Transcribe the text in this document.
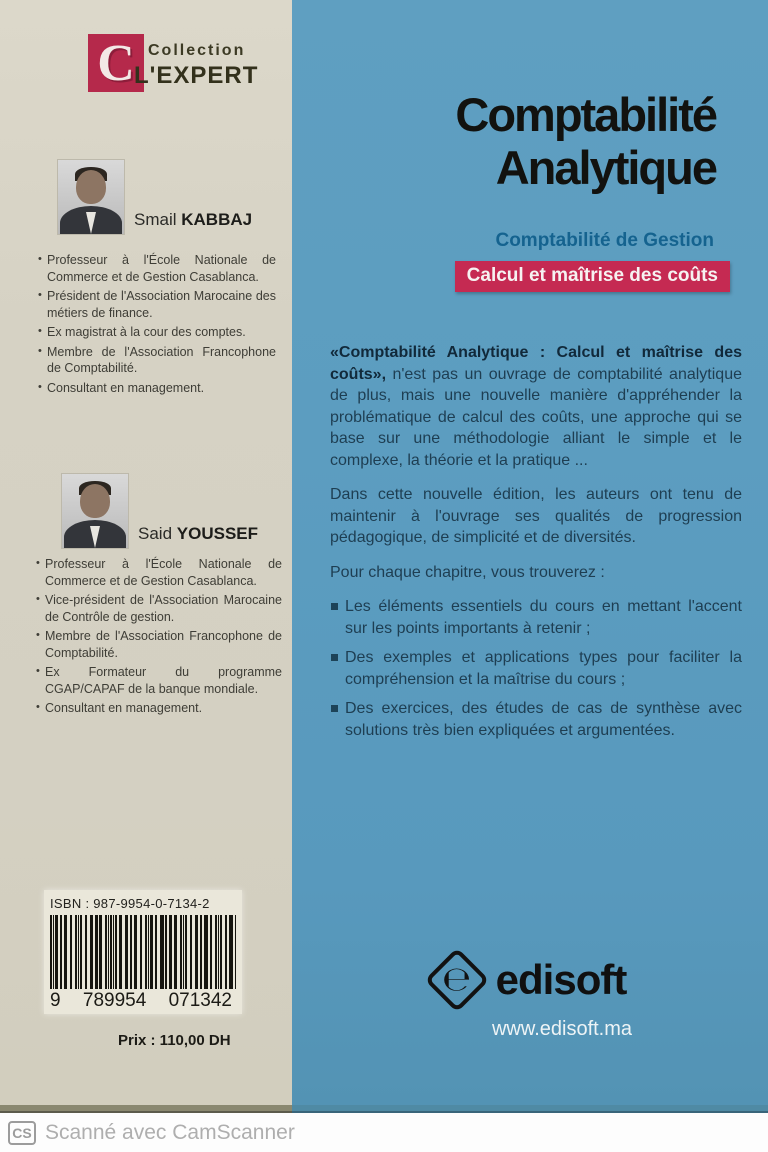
C Collection
L'EXPERT
Smail KABBAJ
• Professeur à l'École Nationale de Commerce et de Gestion Casablanca.
• Président de l'Association Marocaine des métiers de finance.
• Ex magistrat à la cour des comptes.
• Membre de l'Association Francophone de Comptabilité.
• Consultant en management.
Said YOUSSEF
• Professeur à l'École Nationale de Commerce et de Gestion Casablanca.
• Vice-président de l'Association Marocaine de Contrôle de gestion.
• Membre de l'Association Francophone de Comptabilité.
• Ex Formateur du programme CGAP/CAPAF de la banque mondiale.
• Consultant en management.
ISBN : 987-9954-0-7134-2
9 789954 071342
Prix : 110,00 DH
Comptabilité
Analytique
Comptabilité de Gestion
Calcul et maîtrise des coûts

«Comptabilité Analytique : Calcul et maîtrise des coûts», n'est pas un ouvrage de comptabilité analytique de plus, mais une nouvelle manière d'appréhender la problématique de calcul des coûts, une approche qui se base sur une méthodologie alliant le simple et le complexe, la théorie et la pratique ...

Dans cette nouvelle édition, les auteurs ont tenu de maintenir à l'ouvrage ses qualités de progression pédagogique, de simplicité et de diversités.

Pour chaque chapitre, vous trouverez :

Les éléments essentiels du cours en mettant l'accent sur les points importants à retenir ;
Des exemples et applications types pour faciliter la compréhension et la maîtrise du cours ;
Des exercices, des études de cas de synthèse avec solutions très bien expliquées et argumentées.
℮ edisoft
www.edisoft.ma
CS Scanné avec CamScanner
